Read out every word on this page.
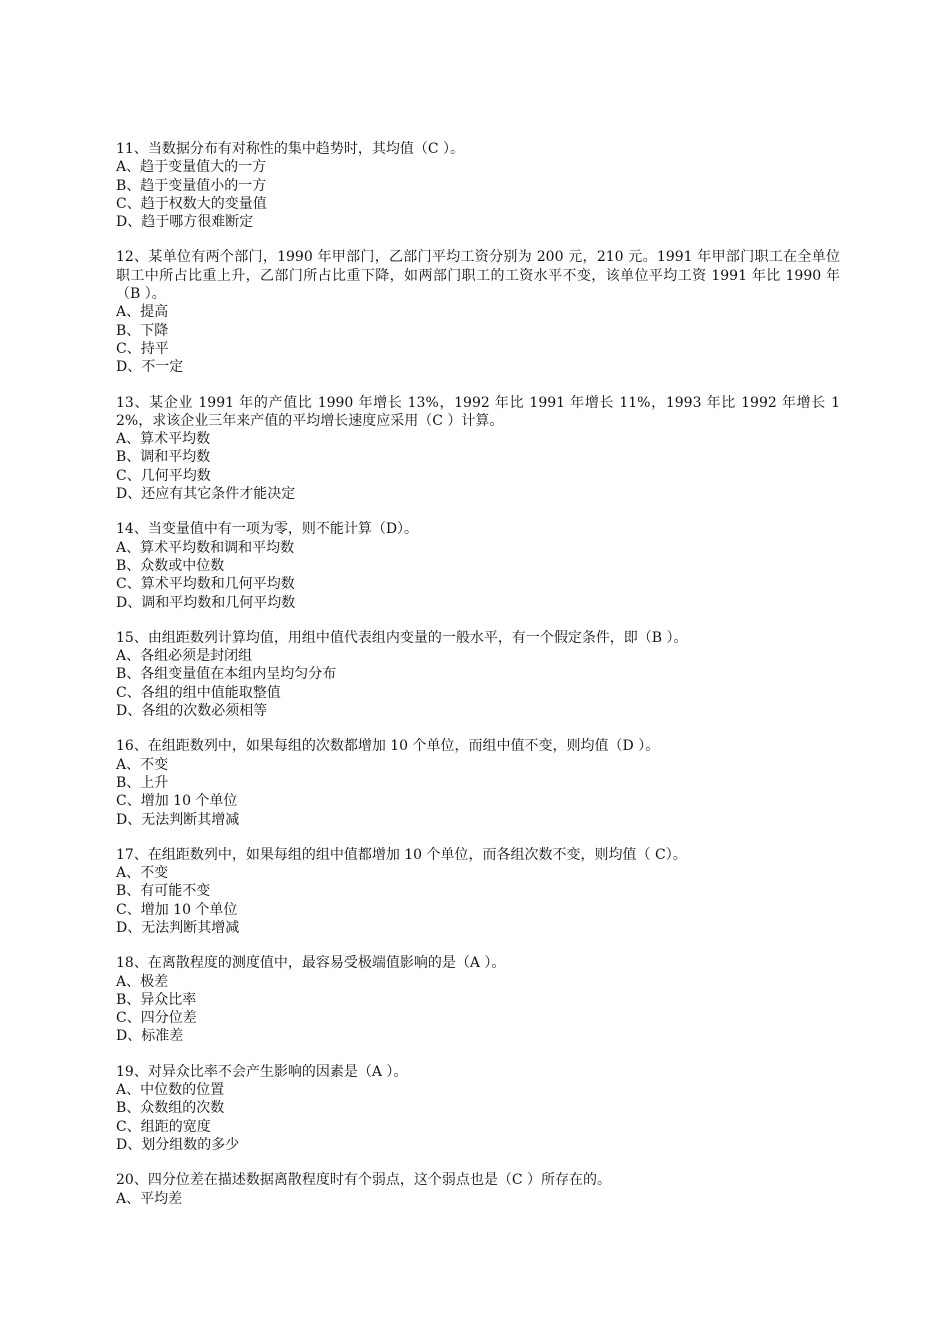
11、当数据分布有对称性的集中趋势时，其均值（C ）。

A、趋于变量值大的一方

B、趋于变量值小的一方

C、趋于权数大的变量值

D、趋于哪方很难断定

12、某单位有两个部门，1990 年甲部门，乙部门平均工资分别为 200 元，210 元。1991 年甲部门职工在全单位职工中所占比重上升，乙部门所占比重下降，如两部门职工的工资水平不变，该单位平均工资 1991 年比 1990 年（B ）。

A、提高

B、下降

C、持平

D、不一定

13、某企业 1991 年的产值比 1990 年增长 13%，1992 年比 1991 年增长 11%，1993 年比 1992 年增长 12%，求该企业三年来产值的平均增长速度应采用（C ）计算。

A、算术平均数

B、调和平均数

C、几何平均数

D、还应有其它条件才能决定

14、当变量值中有一项为零，则不能计算（D）。

A、算术平均数和调和平均数

B、众数或中位数

C、算术平均数和几何平均数

D、调和平均数和几何平均数

15、由组距数列计算均值，用组中值代表组内变量的一般水平，有一个假定条件，即（B ）。

A、各组必须是封闭组

B、各组变量值在本组内呈均匀分布

C、各组的组中值能取整值

D、各组的次数必须相等

16、在组距数列中，如果每组的次数都增加 10 个单位，而组中值不变，则均值（D ）。

A、不变

B、上升

C、增加 10 个单位

D、无法判断其增减

17、在组距数列中，如果每组的组中值都增加 10 个单位，而各组次数不变，则均值（ C）。

A、不变

B、有可能不变

C、增加 10 个单位

D、无法判断其增减

18、在离散程度的测度值中，最容易受极端值影响的是（A ）。

A、极差

B、异众比率

C、四分位差

D、标准差

19、对异众比率不会产生影响的因素是（A ）。

A、中位数的位置

B、众数组的次数

C、组距的宽度

D、划分组数的多少

20、四分位差在描述数据离散程度时有个弱点，这个弱点也是（C ）所存在的。

A、平均差
